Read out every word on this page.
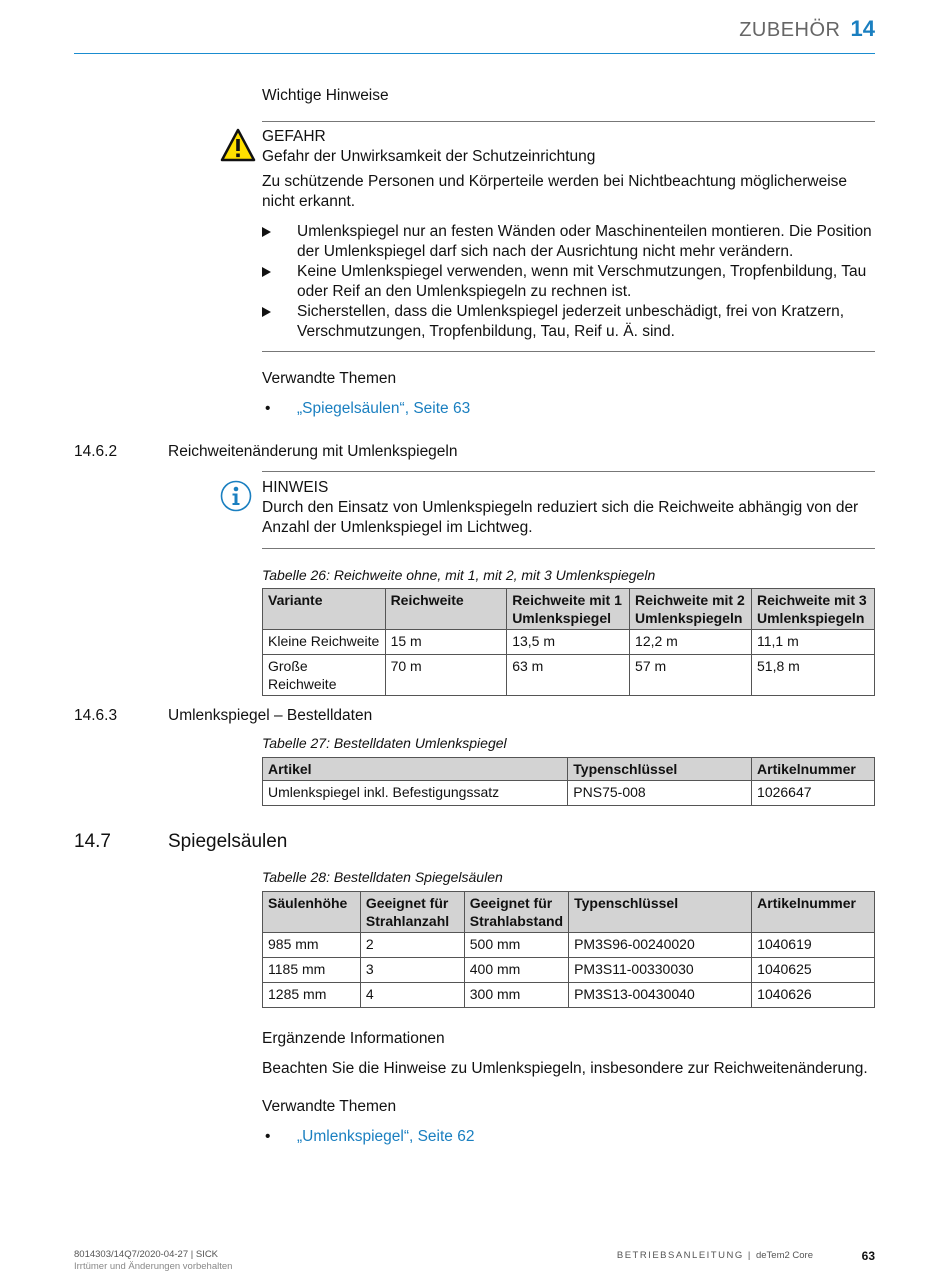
ZUBEHÖR 14
Wichtige Hinweise
GEFAHR
Gefahr der Unwirksamkeit der Schutzeinrichtung
Zu schützende Personen und Körperteile werden bei Nichtbeachtung möglicherweise nicht erkannt.
Umlenkspiegel nur an festen Wänden oder Maschinenteilen montieren. Die Position der Umlenkspiegel darf sich nach der Ausrichtung nicht mehr verändern.
Keine Umlenkspiegel verwenden, wenn mit Verschmutzungen, Tropfenbildung, Tau oder Reif an den Umlenkspiegeln zu rechnen ist.
Sicherstellen, dass die Umlenkspiegel jederzeit unbeschädigt, frei von Kratzern, Verschmutzungen, Tropfenbildung, Tau, Reif u. Ä. sind.
Verwandte Themen
• „Spiegelsäulen“, Seite 63
14.6.2	Reichweitenänderung mit Umlenkspiegeln
HINWEIS
Durch den Einsatz von Umlenkspiegeln reduziert sich die Reichweite abhängig von der Anzahl der Umlenkspiegel im Lichtweg.
Tabelle 26: Reichweite ohne, mit 1, mit 2, mit 3 Umlenkspiegeln
Variante	Reichweite	Reichweite mit 1 Umlenkspiegel	Reichweite mit 2 Umlenkspiegeln	Reichweite mit 3 Umlenkspiegeln
Kleine Reichweite	15 m	13,5 m	12,2 m	11,1 m
Große Reichweite	70 m	63 m	57 m	51,8 m
14.6.3	Umlenkspiegel – Bestelldaten
Tabelle 27: Bestelldaten Umlenkspiegel
Artikel	Typenschlüssel	Artikelnummer
Umlenkspiegel inkl. Befestigungssatz	PNS75-008	1026647
14.7	Spiegelsäulen
Tabelle 28: Bestelldaten Spiegelsäulen
Säulenhöhe	Geeignet für Strahlanzahl	Geeignet für Strahlabstand	Typenschlüssel	Artikelnummer
985 mm	2	500 mm	PM3S96-00240020	1040619
1185 mm	3	400 mm	PM3S11-00330030	1040625
1285 mm	4	300 mm	PM3S13-00430040	1040626
Ergänzende Informationen
Beachten Sie die Hinweise zu Umlenkspiegeln, insbesondere zur Reichweitenänderung.
Verwandte Themen
• „Umlenkspiegel“, Seite 62
8014303/14Q7/2020-04-27 | SICK
Irrtümer und Änderungen vorbehalten
BETRIEBSANLEITUNG | deTem2 Core	63
